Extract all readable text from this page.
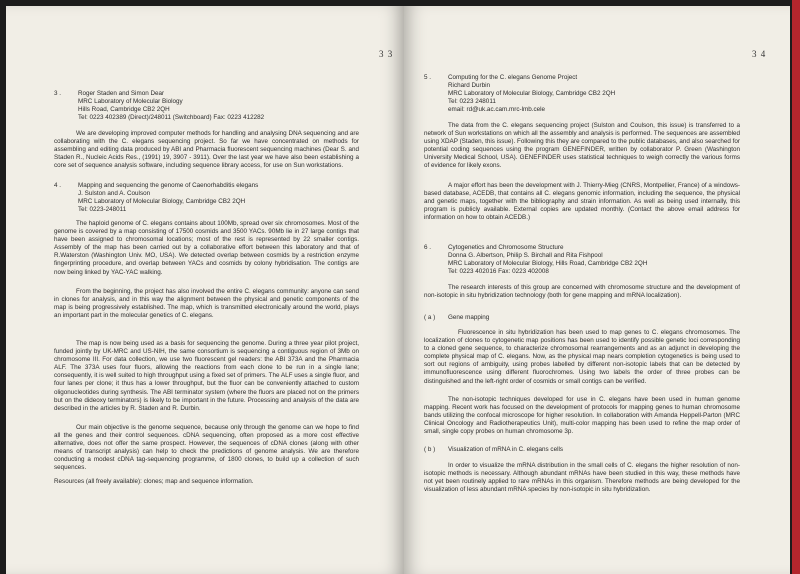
3 3
3 .	Roger Staden and Simon Dear
MRC Laboratory of Molecular Biology
Hills Road, Cambridge CB2 2QH
Tel: 0223 402389 (Direct)/248011 (Switchboard) Fax: 0223 412282
We are developing improved computer methods for handling and analysing DNA sequencing and are collaborating with the C. elegans sequencing project. So far we have concentrated on methods for assembling and editing data produced by ABI and Pharmacia fluorescent sequencing machines (Dear S. and Staden R., Nucleic Acids Res., (1991) 19, 3907 - 3911). Over the last year we have also been establishing a core set of sequence analysis software, including sequence library access, for use on Sun workstations.
4 .	Mapping and sequencing the genome of Caenorhabditis elegans
J. Sulston and A. Coulson
MRC Laboratory of Molecular Biology, Cambridge CB2 2QH
Tel: 0223-248011
The haploid genome of C. elegans contains about 100Mb, spread over six chromosomes. Most of the genome is covered by a map consisting of 17500 cosmids and 3500 YACs. 90Mb lie in 27 large contigs that have been assigned to chromosomal locations; most of the rest is represented by 22 smaller contigs. Assembly of the map has been carried out by a collaborative effort between this laboratory and that of R.Waterston (Washington Univ. MO, USA). We detected overlap between cosmids by a restriction enzyme fingerprinting procedure, and overlap between YACs and cosmids by colony hybridisation. The contigs are now being linked by YAC-YAC walking.
From the beginning, the project has also involved the entire C. elegans community: anyone can send in clones for analysis, and in this way the alignment between the physical and genetic components of the map is being progressively established. The map, which is transmitted electronically around the world, plays an important part in the molecular genetics of C. elegans.
The map is now being used as a basis for sequencing the genome. During a three year pilot project, funded jointly by UK-MRC and US-NIH, the same consortium is sequencing a contiguous region of 3Mb on chromosome III. For data collection, we use two fluorescent gel readers: the ABI 373A and the Pharmacia ALF. The 373A uses four fluors, allowing the reactions from each clone to be run in a single lane; consequently, it is well suited to high throughput using a fixed set of primers. The ALF uses a single fluor, and four lanes per clone; it thus has a lower throughput, but the fluor can be conveniently attached to custom oligonucleotides during synthesis. The ABI terminator system (where the fluors are placed not on the primers but on the dideoxy terminators) is likely to be important in the future. Processing and analysis of the data are described in the articles by R. Staden and R. Durbin.
Our main objective is the genome sequence, because only through the genome can we hope to find all the genes and their control sequences. cDNA sequencing, often proposed as a more cost effective alternative, does not offer the same prospect. However, the sequences of cDNA clones (along with other means of transcript analysis) can help to check the predictions of genome analysis. We are therefore conducting a modest cDNA tag-sequencing programme, of 1800 clones, to build up a collection of such sequences.
Resources (all freely available): clones; map and sequence information.
3 4
5 .	Computing for the C. elegans Genome Project
Richard Durbin
MRC Laboratory of Molecular Biology, Cambridge CB2 2QH
Tel: 0223 248011
email: rd@uk.ac.cam.mrc-lmb.cele
The data from the C. elegans sequencing project (Sulston and Coulson, this issue) is transferred to a network of Sun workstations on which all the assembly and analysis is performed. The sequences are assembled using XDAP (Staden, this issue). Following this they are compared to the public databases, and also searched for potential coding sequences using the program GENEFINDER, written by collaborator P. Green (Washington University Medical School, USA). GENEFINDER uses statistical techniques to weigh correctly the various forms of evidence for likely exons.
A major effort has been the development with J. Thierry-Mieg (CNRS, Montpellier, France) of a windows-based database, ACEDB, that contains all C. elegans genomic information, including the sequence, the physical and genetic maps, together with the bibliography and strain information. As well as being used internally, this program is publicly available. External copies are updated monthly. (Contact the above email address for information on how to obtain ACEDB.)
6 .	Cytogenetics and Chromosome Structure
Donna G. Albertson, Philip S. Birchall and Rita Fishpool
MRC Laboratory of Molecular Biology, Hills Road, Cambridge CB2 2QH
Tel: 0223 402016 Fax: 0223 402008
The research interests of this group are concerned with chromosome structure and the development of non-isotopic in situ hybridization technology (both for gene mapping and mRNA localization).
( a ) Gene mapping
Fluorescence in situ hybridization has been used to map genes to C. elegans chromosomes. The localization of clones to cytogenetic map positions has been used to identify possible genetic loci corresponding to a cloned gene sequence, to characterize chromosomal rearrangements and as an adjunct in developing the complete physical map of C. elegans. Now, as the physical map nears completion cytogenetics is being used to sort out regions of ambiguity, using probes labelled by different non-isotopic labels that can be detected by immunofluorescence using different fluorochromes. Using two labels the order of three probes can be distinguished and the left-right order of cosmids or small contigs can be verified.
The non-isotopic techniques developed for use in C. elegans have been used in human genome mapping. Recent work has focused on the development of protocols for mapping genes to human chromosome bands utilizing the confocal microscope for higher resolution. In collaboration with Amanda Heppell-Parton (MRC Clinical Oncology and Radiotherapeutics Unit), multi-color mapping has been used to refine the map order of small, single copy probes on human chromosome 3p.
( b ) Visualization of mRNA in C. elegans cells
In order to visualize the mRNA distribution in the small cells of C. elegans the higher resolution of non-isotopic methods is necessary. Although abundant mRNAs have been studied in this way, these methods have not yet been routinely applied to rare mRNAs in this organism. Therefore methods are being developed for the visualization of less abundant mRNA species by non-isotopic in situ hybridization.
